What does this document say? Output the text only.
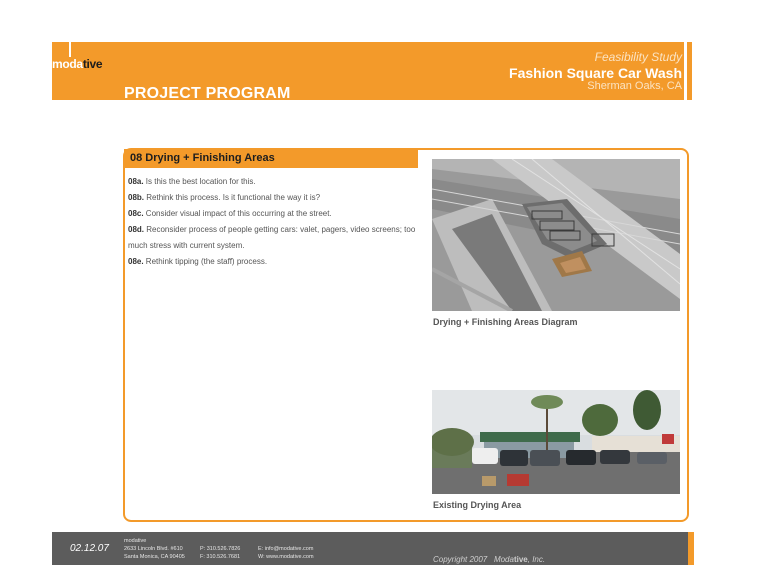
modative
PROJECT PROGRAM
Feasibility Study
Fashion Square Car Wash
Sherman Oaks, CA
08 Drying + Finishing Areas
08a. Is this the best location for this.
08b. Rethink this process. Is it functional the way it is?
08c. Consider visual impact of this occurring at the street.
08d. Reconsider process of people getting cars: valet, pagers, video screens; too much stress with current system.
08e. Rethink tipping (the staff) process.
Drying + Finishing Areas Diagram
Existing Drying Area
02.12.07
modative
2633 Lincoln Blvd. #610
Santa Monica, CA 90405
P: 310.526.7826
F: 310.526.7681
E: info@modative.com
W: www.modative.com	Copyright 2007 Modative, Inc.
